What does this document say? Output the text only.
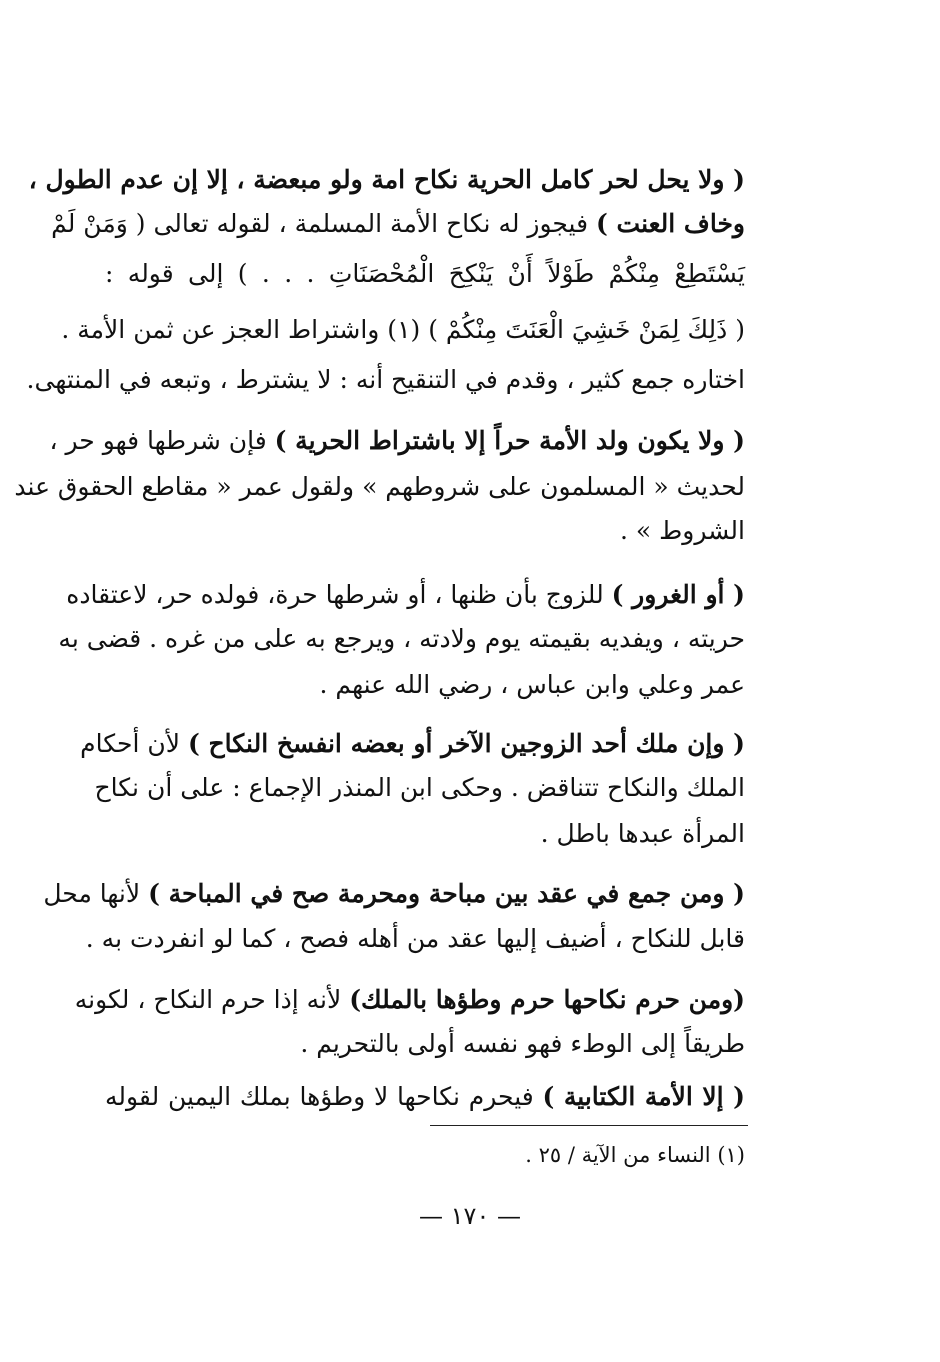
( ولا يحل لحر كامل الحرية نكاح امة ولو مبعضة ، إلا إن عدم الطول ،
وخاف العنت ) فيجوز له نكاح الأمة المسلمة ، لقوله تعالى ( وَمَنْ لَمْ
يَسْتَطِعْ مِنْكُمْ طَوْلاً أَنْ يَنْكِحَ الْمُحْصَنَاتِ . . . ) إلى قوله :
( ذَلِكَ لِمَنْ خَشِيَ الْعَنَتَ مِنْكُمْ ) (١) واشتراط العجز عن ثمن الأمة .
اختاره جمع كثير ، وقدم في التنقيح أنه : لا يشترط ، وتبعه في المنتهى.
( ولا يكون ولد الأمة حراً إلا باشتراط الحرية ) فإن شرطها فهو حر ،
لحديث « المسلمون على شروطهم » ولقول عمر « مقاطع الحقوق عند
الشروط » .
( أو الغرور ) للزوج بأن ظنها ، أو شرطها حرة، فولده حر، لاعتقاده
حريته ، ويفديه بقيمته يوم ولادته ، ويرجع به على من غره . قضى به
عمر وعلي وابن عباس ، رضي الله عنهم .
( وإن ملك أحد الزوجين الآخر أو بعضه انفسخ النكاح ) لأن أحكام
الملك والنكاح تتناقض . وحكى ابن المنذر الإجماع : على أن نكاح
المرأة عبدها باطل .
( ومن جمع في عقد بين مباحة ومحرمة صح في المباحة ) لأنها محل
قابل للنكاح ، أضيف إليها عقد من أهله فصح ، كما لو انفردت به .
(ومن حرم نكاحها حرم وطؤها بالملك) لأنه إذا حرم النكاح ، لكونه
طريقاً إلى الوطء فهو نفسه أولى بالتحريم .
( إلا الأمة الكتابية ) فيحرم نكاحها لا وطؤها بملك اليمين لقوله
(١) النساء من الآية / ٢٥ .
— ١٧٠ —
